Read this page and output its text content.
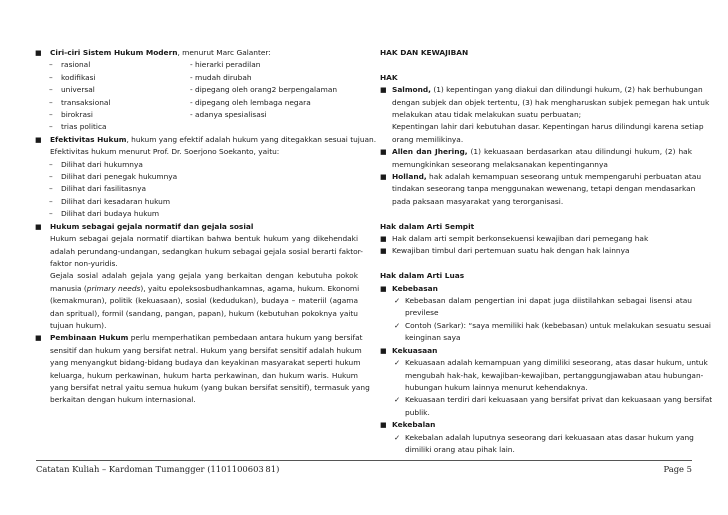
■ Ciri-ciri Sistem Hukum Modern, menurut Marc Galanter:
– rasional	- hierarki peradilan
– kodifikasi	- mudah dirubah
– universal	- dipegang oleh orang2 berpengalaman
– transaksional	- dipegang oleh lembaga negara
– birokrasi	- adanya spesialisasi
– trias politica
■ Efektivitas Hukum, hukum yang efektif adalah hukum yang ditegakkan sesuai tujuan.
Efektivitas hukum menurut Prof. Dr. Soerjono Soekanto, yaitu:
– Dilihat dari hukumnya
– Dilihat dari penegak hukumnya
– Dilihat dari fasilitasnya
– Dilihat dari kesadaran hukum
– Dilihat dari budaya hukum
■ Hukum sebagai gejala normatif dan gejala sosial
Hukum sebagai gejala normatif diartikan bahwa bentuk hukum yang dikehendaki
adalah perundang-undangan, sedangkan hukum sebagai gejala sosial berarti faktor-
faktor non-yuridis.
Gejala sosial adalah gejala yang gejala yang berkaitan dengan kebutuha pokok
manusia (primary needs), yaitu epoleksosbudhankamnas, agama, hukum. Ekonomi
(kemakmuran), politik (kekuasaan), sosial (kedudukan), budaya – materiil (agama
dan spritual), formil (sandang, pangan, papan), hukum (kebutuhan pokoknya yaitu
tujuan hukum).
■ Pembinaan Hukum perlu memperhatikan pembedaan antara hukum yang bersifat
sensitif dan hukum yang bersifat netral. Hukum yang bersifat sensitif adalah hukum
yang menyangkut bidang-bidang budaya dan keyakinan masyarakat seperti hukum
keluarga, hukum perkawinan, hukum harta perkawinan, dan hukum waris. Hukum
yang bersifat netral yaitu semua hukum (yang bukan bersifat sensitif), termasuk yang
berkaitan dengan hukum internasional.
HAK DAN KEWAJIBAN
HAK
■ Salmond, (1) kepentingan yang diakui dan dilindungi hukum, (2) hak berhubungan
dengan subjek dan objek tertentu, (3) hak mengharuskan subjek pemegan hak untuk
melakukan atau tidak melakukan suatu perbuatan;
Kepentingan lahir dari kebutuhan dasar. Kepentingan harus dilindungi karena setiap
orang memilikinya.
■ Allen dan Jhering, (1) kekuasaan berdasarkan atau dilindungi hukum, (2) hak
memungkinkan seseorang melaksanakan kepentingannya
■ Holland, hak adalah kemampuan seseorang untuk mempengaruhi perbuatan atau
tindakan seseorang tanpa menggunakan wewenang, tetapi dengan mendasarkan
pada paksaan masyarakat yang terorganisasi.
Hak dalam Arti Sempit
■ Hak dalam arti sempit berkonsekuensi kewajiban dari pemegang hak
■ Kewajiban timbul dari pertemuan suatu hak dengan hak lainnya
Hak dalam Arti Luas
■ Kebebasan
✓ Kebebasan dalam pengertian ini dapat juga diistilahkan sebagai lisensi atau
previlese
✓ Contoh (Sarkar): “saya memiliki hak (kebebasan) untuk melakukan sesuatu sesuai
keinginan saya
■ Kekuasaan
✓ Kekuasaan adalah kemampuan yang dimiliki seseorang, atas dasar hukum, untuk
mengubah hak-hak, kewajiban-kewajiban, pertanggungjawaban atau hubungan-
hubungan hukum lainnya menurut kehendaknya.
✓ Kekuasaan terdiri dari kekuasaan yang bersifat privat dan kekuasaan yang bersifat
publik.
■ Kekebalan
✓ Kekebalan adalah luputnya seseorang dari kekuasaan atas dasar hukum yang
dimiliki orang atau pihak lain.
Catatan Kuliah – Kardoman Tumangger (1101100603 81)	Page 5
